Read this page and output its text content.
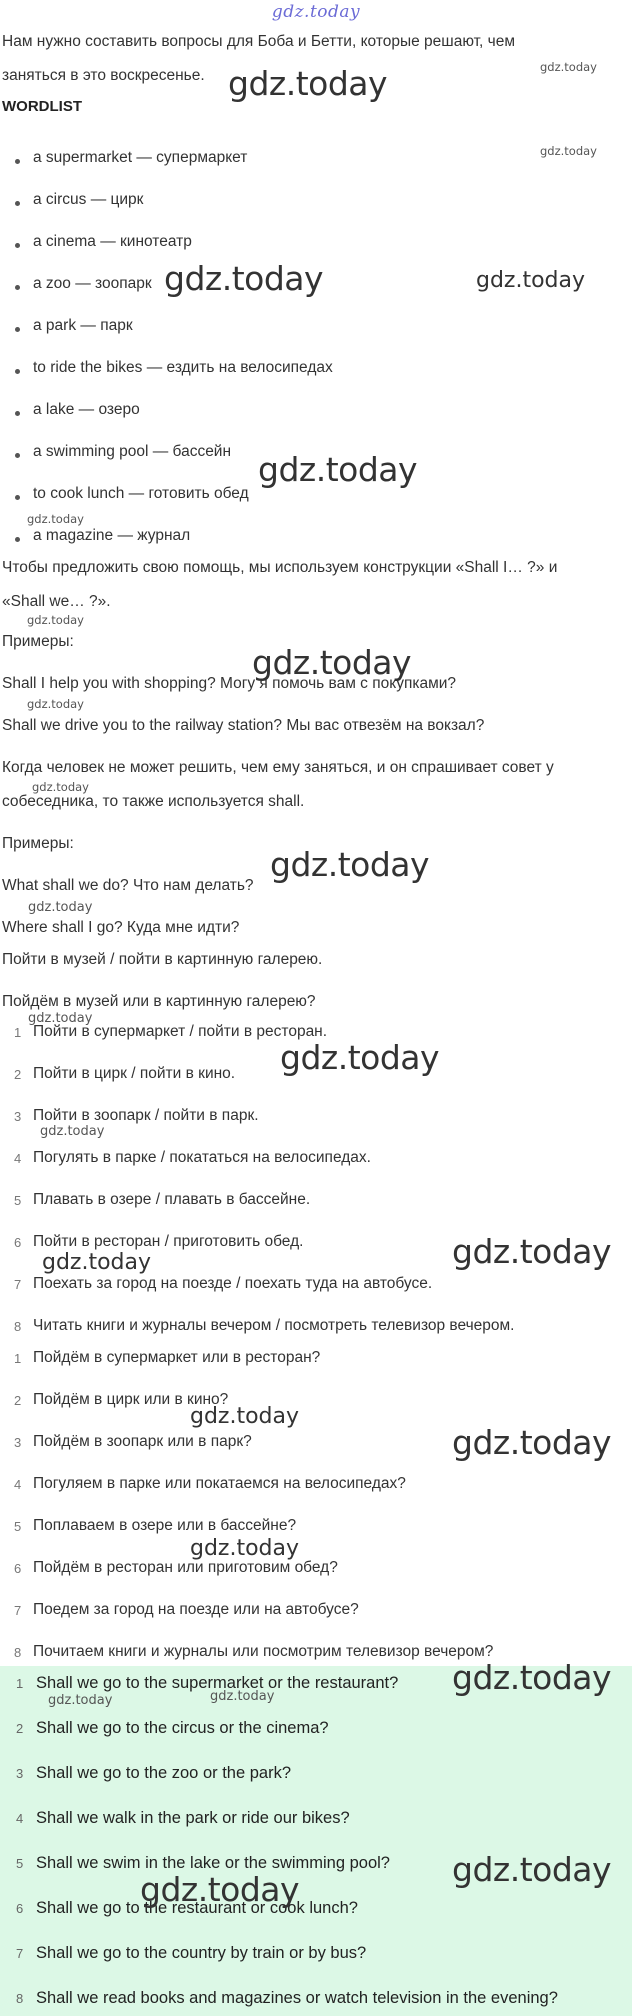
gdz.today
Нам нужно составить вопросы для Боба и Бетти, которые решают, чем
заняться в это воскресенье.
WORDLIST
a supermarket — супермаркет
a circus — цирк
a cinema — кинотеатр
a zoo — зоопарк
a park — парк
to ride the bikes — ездить на велосипедах
a lake — озеро
a swimming pool — бассейн
to cook lunch — готовить обед
a magazine — журнал
Чтобы предложить свою помощь, мы используем конструкции «Shall I… ?» и
«Shall we… ?».
Примеры:
Shall I help you with shopping? Могу я помочь вам с покупками?
Shall we drive you to the railway station? Мы вас отвезём на вокзал?
Когда человек не может решить, чем ему заняться, и он спрашивает совет у
собеседника, то также используется shall.
Примеры:
What shall we do? Что нам делать?
Where shall I go? Куда мне идти?
Пойти в музей / пойти в картинную галерею.
Пойдём в музей или в картинную галерею?
1 Пойти в супермаркет / пойти в ресторан.
2 Пойти в цирк / пойти в кино.
3 Пойти в зоопарк / пойти в парк.
4 Погулять в парке / покататься на велосипедах.
5 Плавать в озере / плавать в бассейне.
6 Пойти в ресторан / приготовить обед.
7 Поехать за город на поезде / поехать туда на автобусе.
8 Читать книги и журналы вечером / посмотреть телевизор вечером.
1 Пойдём в супермаркет или в ресторан?
2 Пойдём в цирк или в кино?
3 Пойдём в зоопарк или в парк?
4 Погуляем в парке или покатаемся на велосипедах?
5 Поплаваем в озере или в бассейне?
6 Пойдём в ресторан или приготовим обед?
7 Поедем за город на поезде или на автобусе?
8 Почитаем книги и журналы или посмотрим телевизор вечером?
1 Shall we go to the supermarket or the restaurant?
2 Shall we go to the circus or the cinema?
3 Shall we go to the zoo or the park?
4 Shall we walk in the park or ride our bikes?
5 Shall we swim in the lake or the swimming pool?
6 Shall we go to the restaurant or cook lunch?
7 Shall we go to the country by train or by bus?
8 Shall we read books and magazines or watch television in the evening?
gdz.today	gdz.today
gdz.today
gdz.today	gdz.today
gdz.today
gdz.today
gdz.today
gdz.today
gdz.today
gdz.today
gdz.today
gdz.today
gdz.today
gdz.today
gdz.today
gdz.today
gdz.today
gdz.today
gdz.today
gdz.today
gdz.today
gdz.today	gdz.today
gdz.today
gdz.today
